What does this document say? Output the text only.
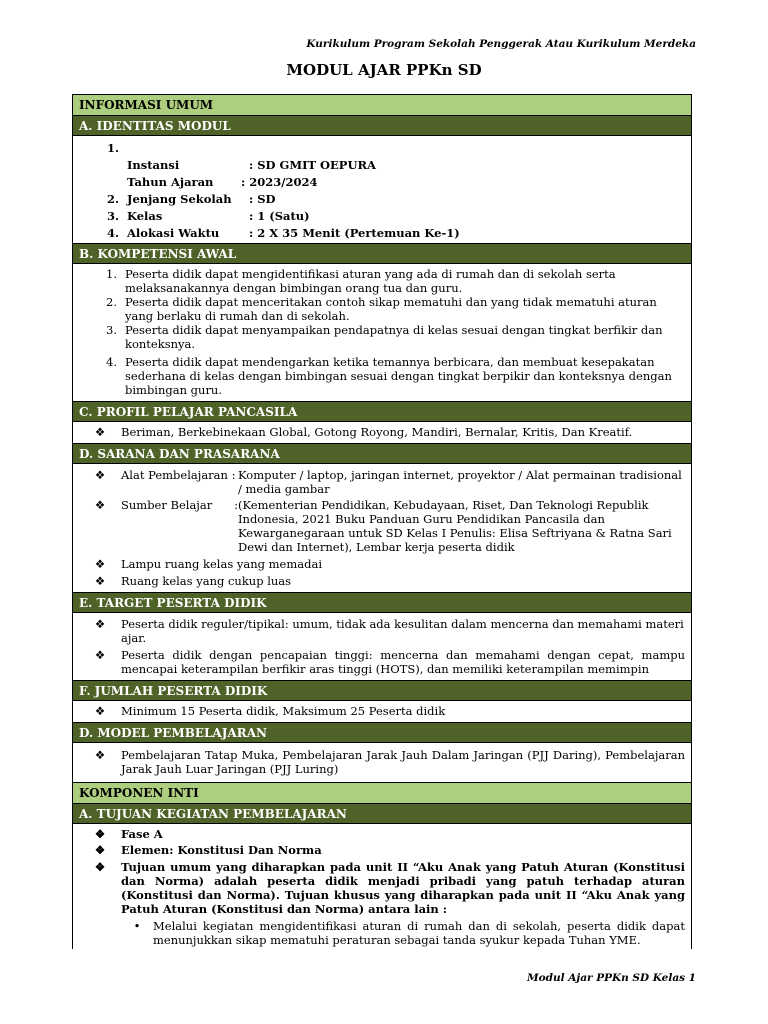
Kurikulum Program Sekolah Penggerak Atau Kurikulum Merdeka
MODUL AJAR PPKn SD
INFORMASI UMUM
A. IDENTITAS MODUL
1.
Instansi	: SD GMIT OEPURA
Tahun Ajaran	: 2023/2024
2. Jenjang Sekolah	: SD
3. Kelas	: 1 (Satu)
4. Alokasi Waktu	: 2 X 35 Menit (Pertemuan Ke-1)
B. KOMPETENSI AWAL
1. Peserta didik dapat mengidentifikasi aturan yang ada di rumah dan di sekolah serta melaksanakannya dengan bimbingan orang tua dan guru.
2. Peserta didik dapat menceritakan contoh sikap mematuhi dan yang tidak mematuhi aturan yang berlaku di rumah dan di sekolah.
3. Peserta didik dapat menyampaikan pendapatnya di kelas sesuai dengan tingkat berfikir dan konteksnya.
4. Peserta didik dapat mendengarkan ketika temannya berbicara, dan membuat kesepakatan sederhana di kelas dengan bimbingan sesuai dengan tingkat berpikir dan konteksnya dengan bimbingan guru.
C. PROFIL PELAJAR PANCASILA
❖	Beriman, Berkebinekaan Global, Gotong Royong, Mandiri, Bernalar, Kritis, Dan Kreatif.
D. SARANA DAN PRASARANA
❖	Alat Pembelajaran : Komputer / laptop, jaringan internet, proyektor / Alat permainan tradisional / media gambar
❖	Sumber Belajar      : (Kementerian Pendidikan, Kebudayaan, Riset, Dan Teknologi Republik Indonesia, 2021 Buku Panduan Guru Pendidikan Pancasila dan Kewarganegaraan untuk SD Kelas I Penulis: Elisa Seftriyana & Ratna Sari Dewi dan Internet), Lembar kerja peserta didik
❖	Lampu ruang kelas yang memadai
❖	Ruang kelas yang cukup luas
E. TARGET PESERTA DIDIK
❖	Peserta didik reguler/tipikal: umum, tidak ada kesulitan dalam mencerna dan memahami materi ajar.
❖	Peserta didik dengan pencapaian tinggi: mencerna dan memahami dengan cepat, mampu mencapai keterampilan berfikir aras tinggi (HOTS), dan memiliki keterampilan memimpin
F. JUMLAH PESERTA DIDIK
❖	Minimum 15 Peserta didik, Maksimum 25 Peserta didik
D. MODEL PEMBELAJARAN
❖	Pembelajaran Tatap Muka, Pembelajaran Jarak Jauh Dalam Jaringan (PJJ Daring), Pembelajaran Jarak Jauh Luar Jaringan (PJJ Luring)
KOMPONEN INTI
A. TUJUAN KEGIATAN PEMBELAJARAN
❖	Fase A
❖	Elemen: Konstitusi Dan Norma
❖	Tujuan umum yang diharapkan pada unit II “Aku Anak yang Patuh Aturan (Konstitusi dan Norma) adalah peserta didik menjadi pribadi yang patuh terhadap aturan (Konstitusi dan Norma). Tujuan khusus yang diharapkan pada unit II “Aku Anak yang Patuh Aturan (Konstitusi dan Norma) antara lain :
•	Melalui kegiatan mengidentifikasi aturan di rumah dan di sekolah, peserta didik dapat menunjukkan sikap mematuhi peraturan sebagai tanda syukur kepada Tuhan YME.
Modul Ajar PPKn SD Kelas 1
